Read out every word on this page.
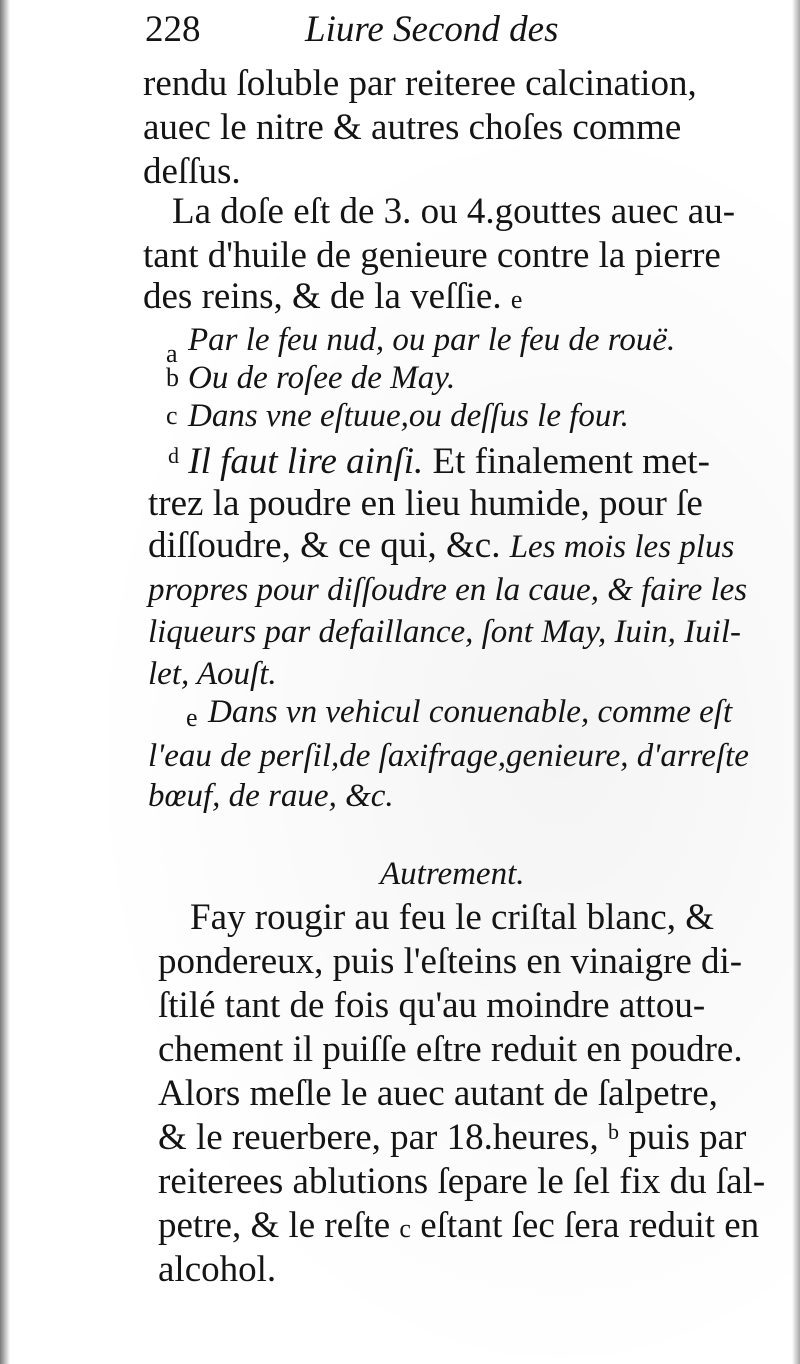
228	Liure Second des

rendu ſoluble par reiteree calcination,

auec le nitre & autres choſes comme

deſſus.

La doſe eſt de 3. ou 4.gouttes auec au-

tant d'huile de genieure contre la pierre

des reins, & de la veſſie. e

a Par le feu nud, ou par le feu de rouë.

b Ou de roſee de May.

c Dans vne eſtuue,ou deſſus le four.

$^d$ Il faut lire ainſi. Et finalement met-

trez la poudre en lieu humide, pour ſe

diſſoudre, & ce qui, &c. Les mois les plus

propres pour diſſoudre en la caue, & faire les

liqueurs par defaillance, ſont May, Iuin, Iuil-

let, Aouſt.

e Dans vn vehicul conuenable, comme eſt

l'eau de perſil,de ſaxifrage,genieure, d'arreſte

bœuf, de raue, &c.

Autrement.

Fay rougir au feu le criſtal blanc, &

pondereux, puis l'eſteins en vinaigre di-

ſtilé tant de fois qu'au moindre attou-

chement il puiſſe eſtre reduit en poudre.

Alors meſle le auec autant de ſalpetre,

& le reuerbere, par 18.heures, $^b$ puis par

reiterees ablutions ſepare le ſel fix du ſal-

petre, & le reſte c eſtant ſec ſera reduit en

alcohol.
